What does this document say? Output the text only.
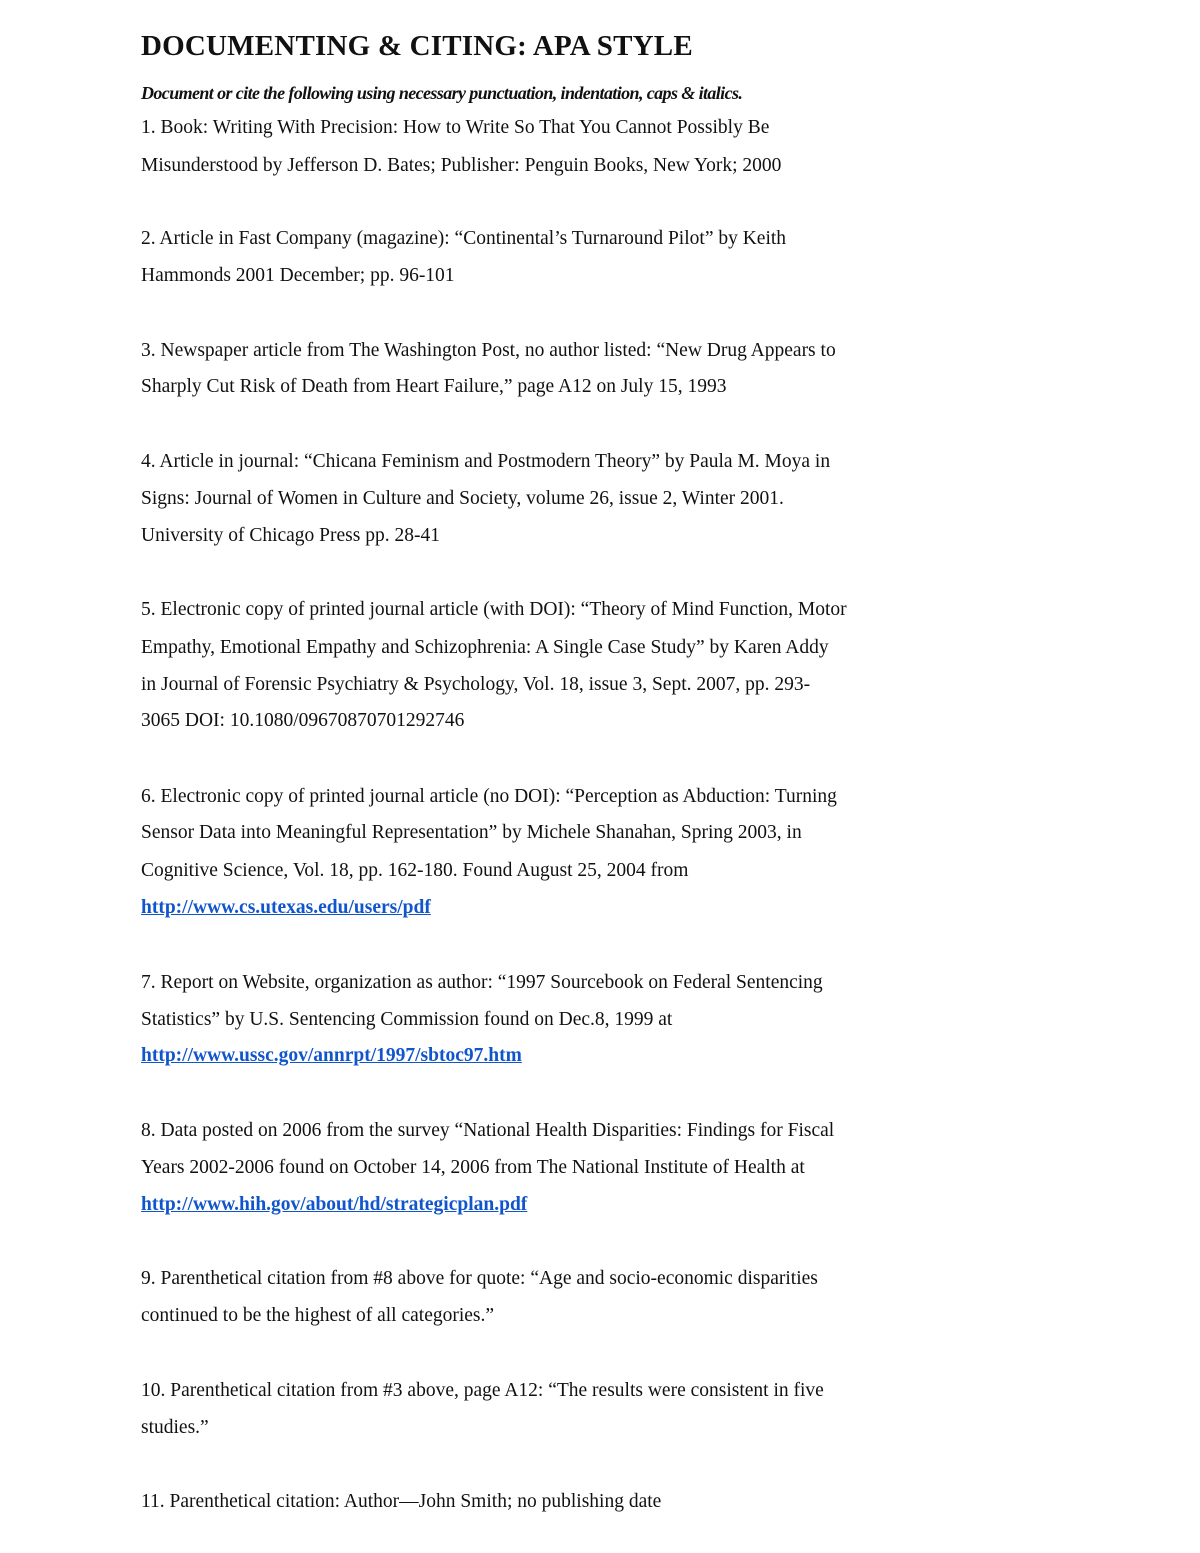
DOCUMENTING & CITING: APA STYLE

Document or cite the following using necessary punctuation, indentation, caps & italics.

1. Book: Writing With Precision: How to Write So That You Cannot Possibly Be

Misunderstood by Jefferson D. Bates; Publisher: Penguin Books, New York; 2000

2. Article in Fast Company (magazine): “Continental’s Turnaround Pilot” by Keith

Hammonds 2001 December; pp. 96-101

3. Newspaper article from The Washington Post, no author listed: “New Drug Appears to

Sharply Cut Risk of Death from Heart Failure,” page A12 on July 15, 1993

4. Article in journal: “Chicana Feminism and Postmodern Theory” by Paula M. Moya in

Signs: Journal of Women in Culture and Society, volume 26, issue 2, Winter 2001.

University of Chicago Press pp. 28-41

5. Electronic copy of printed journal article (with DOI): “Theory of Mind Function, Motor

Empathy, Emotional Empathy and Schizophrenia: A Single Case Study” by Karen Addy

in Journal of Forensic Psychiatry & Psychology, Vol. 18, issue 3, Sept. 2007, pp. 293-

3065 DOI: 10.1080/09670870701292746

6. Electronic copy of printed journal article (no DOI): “Perception as Abduction: Turning

Sensor Data into Meaningful Representation” by Michele Shanahan, Spring 2003, in

Cognitive Science, Vol. 18, pp. 162-180. Found August 25, 2004 from

http://www.cs.utexas.edu/users/pdf

7. Report on Website, organization as author: “1997 Sourcebook on Federal Sentencing

Statistics” by U.S. Sentencing Commission found on Dec.8, 1999 at

http://www.ussc.gov/annrpt/1997/sbtoc97.htm

8. Data posted on 2006 from the survey “National Health Disparities: Findings for Fiscal

Years 2002-2006 found on October 14, 2006 from The National Institute of Health at

http://www.hih.gov/about/hd/strategicplan.pdf

9. Parenthetical citation from #8 above for quote: “Age and socio-economic disparities

continued to be the highest of all categories.”

10. Parenthetical citation from #3 above, page A12: “The results were consistent in five

studies.”

11. Parenthetical citation: Author—John Smith; no publishing date
